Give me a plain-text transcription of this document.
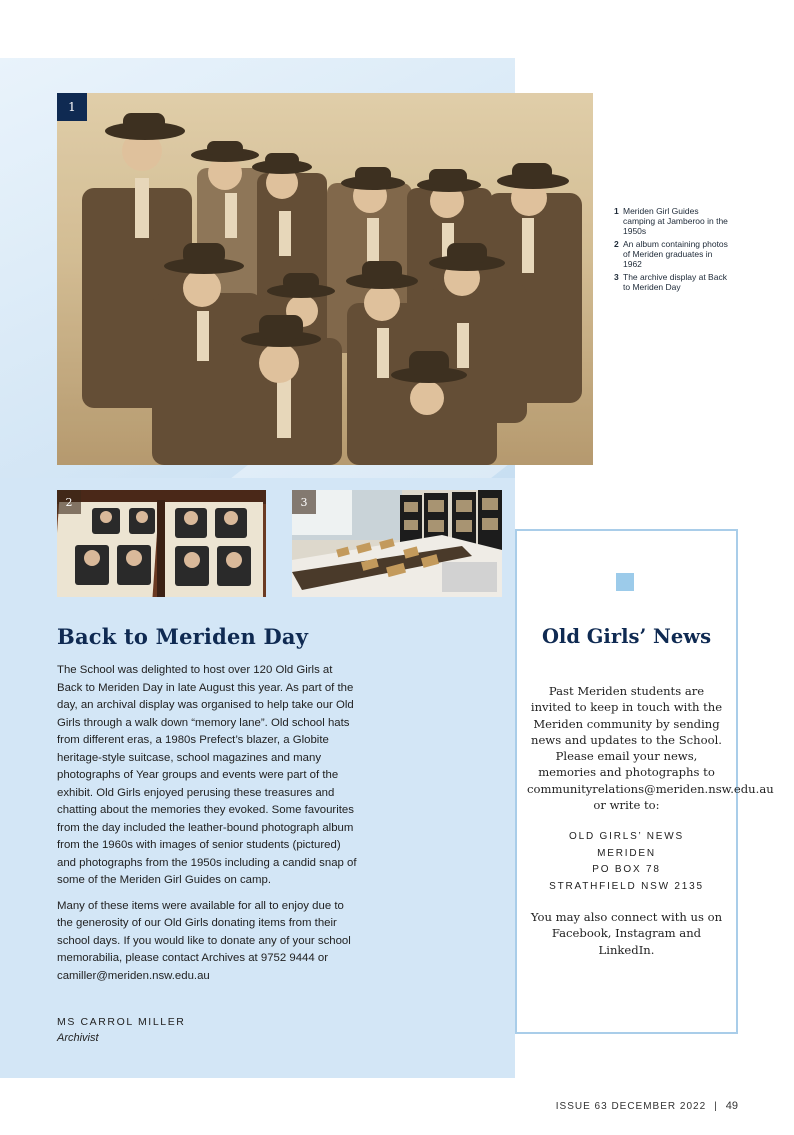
1
2	3
1 Meriden Girl Guides camping at Jamberoo in the 1950s
2 An album containing photos of Meriden graduates in 1962
3 The archive display at Back to Meriden Day
Back to Meriden Day

The School was delighted to host over 120 Old Girls at Back to Meriden Day in late August this year. As part of the day, an archival display was organised to help take our Old Girls through a walk down “memory lane”. Old school hats from different eras, a 1980s Prefect’s blazer, a Globite heritage-style suitcase, school magazines and many photographs of Year groups and events were part of the exhibit. Old Girls enjoyed perusing these treasures and chatting about the memories they evoked. Some favourites from the day included the leather-bound photograph album from the 1960s with images of senior students (pictured) and photographs from the 1950s including a candid snap of some of the Meriden Girl Guides on camp.

Many of these items were available for all to enjoy due to the generosity of our Old Girls donating items from their school days. If you would like to donate any of your school memorabilia, please contact Archives at 9752 9444 or camiller@meriden.nsw.edu.au

MS CARROL MILLER
Archivist
Old Girls’ News
Past Meriden students are invited to keep in touch with the Meriden community by sending news and updates to the School. Please email your news, memories and photographs to communityrelations@meriden.nsw.edu.au or write to:
OLD GIRLS’ NEWS
MERIDEN
PO BOX 78
STRATHFIELD NSW 2135
You may also connect with us on Facebook, Instagram and LinkedIn.
ISSUE 63 DECEMBER 2022 | 49
